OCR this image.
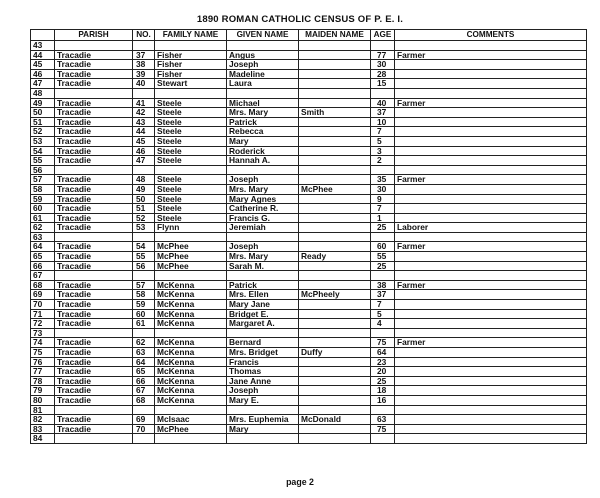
1890 ROMAN CATHOLIC CENSUS OF P. E. I.
	PARISH	NO.	FAMILY NAME	GIVEN NAME	MAIDEN NAME	AGE	COMMENTS
43							
44	Tracadie	37	Fisher	Angus		77	Farmer
45	Tracadie	38	Fisher	Joseph		30	
46	Tracadie	39	Fisher	Madeline		28	
47	Tracadie	40	Stewart	Laura		15	
48							
49	Tracadie	41	Steele	Michael		40	Farmer
50	Tracadie	42	Steele	Mrs. Mary	Smith	37	
51	Tracadie	43	Steele	Patrick		10	
52	Tracadie	44	Steele	Rebecca		7	
53	Tracadie	45	Steele	Mary		5	
54	Tracadie	46	Steele	Roderick		3	
55	Tracadie	47	Steele	Hannah A.		2	
56							
57	Tracadie	48	Steele	Joseph		35	Farmer
58	Tracadie	49	Steele	Mrs. Mary	McPhee	30	
59	Tracadie	50	Steele	Mary Agnes		9	
60	Tracadie	51	Steele	Catherine R.		7	
61	Tracadie	52	Steele	Francis G.		1	
62	Tracadie	53	Flynn	Jeremiah		25	Laborer
63							
64	Tracadie	54	McPhee	Joseph		60	Farmer
65	Tracadie	55	McPhee	Mrs. Mary	Ready	55	
66	Tracadie	56	McPhee	Sarah M.		25	
67							
68	Tracadie	57	McKenna	Patrick		38	Farmer
69	Tracadie	58	McKenna	Mrs. Ellen	McPheely	37	
70	Tracadie	59	McKenna	Mary Jane		7	
71	Tracadie	60	McKenna	Bridget E.		5	
72	Tracadie	61	McKenna	Margaret A.		4	
73							
74	Tracadie	62	McKenna	Bernard		75	Farmer
75	Tracadie	63	McKenna	Mrs. Bridget	Duffy	64	
76	Tracadie	64	McKenna	Francis		23	
77	Tracadie	65	McKenna	Thomas		20	
78	Tracadie	66	McKenna	Jane Anne		25	
79	Tracadie	67	McKenna	Joseph		18	
80	Tracadie	68	McKenna	Mary E.		16	
81							
82	Tracadie	69	McIsaac	Mrs. Euphemia	McDonald	63	
83	Tracadie	70	McPhee	Mary		75	
84							
page 2
